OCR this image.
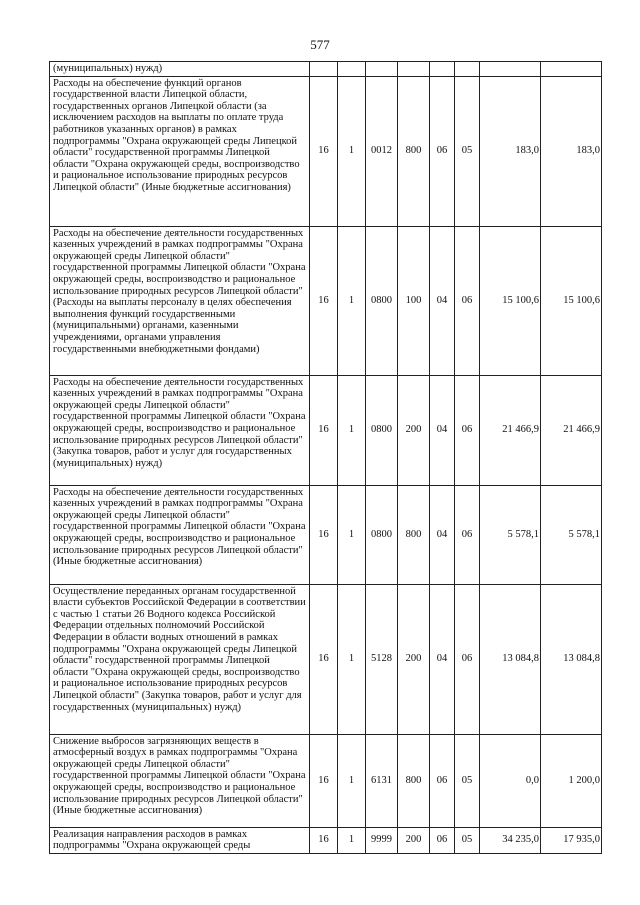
577
(муниципальных) нужд)								
Расходы на обеспечение функций органов государственной власти Липецкой области, государственных органов Липецкой области (за исключением расходов на выплаты по оплате труда работников указанных органов) в рамках подпрограммы "Охрана окружающей среды Липецкой области" государственной программы Липецкой области "Охрана окружающей среды, воспроизводство и рациональное использование природных ресурсов Липецкой области" (Иные бюджетные ассигнования)	16	1	0012	800	06	05	183,0	183,0
Расходы на обеспечение деятельности государственных казенных учреждений в рамках подпрограммы "Охрана окружающей среды Липецкой области" государственной программы Липецкой области "Охрана окружающей среды, воспроизводство и рациональное использование природных ресурсов Липецкой области" (Расходы на выплаты персоналу в целях обеспечения выполнения функций государственными (муниципальными) органами, казенными учреждениями, органами управления государственными внебюджетными фондами)	16	1	0800	100	04	06	15 100,6	15 100,6
Расходы на обеспечение деятельности государственных казенных учреждений в рамках подпрограммы "Охрана окружающей среды Липецкой области" государственной программы Липецкой области "Охрана окружающей среды, воспроизводство и рациональное использование природных ресурсов Липецкой области" (Закупка товаров, работ и услуг для государственных (муниципальных) нужд)	16	1	0800	200	04	06	21 466,9	21 466,9
Расходы на обеспечение деятельности государственных казенных учреждений в рамках подпрограммы "Охрана окружающей среды Липецкой области" государственной программы Липецкой области "Охрана окружающей среды, воспроизводство и рациональное использование природных ресурсов Липецкой области" (Иные бюджетные ассигнования)	16	1	0800	800	04	06	5 578,1	5 578,1
Осуществление переданных органам государственной власти субъектов Российской Федерации в соответствии с частью 1 статьи 26 Водного кодекса Российской Федерации отдельных полномочий Российской Федерации в области водных отношений в рамках подпрограммы "Охрана окружающей среды Липецкой области" государственной программы Липецкой области "Охрана окружающей среды, воспроизводство и рациональное использование природных ресурсов Липецкой области" (Закупка товаров, работ и услуг для государственных (муниципальных) нужд)	16	1	5128	200	04	06	13 084,8	13 084,8
Снижение выбросов загрязняющих веществ в атмосферный воздух в рамках подпрограммы "Охрана окружающей среды Липецкой области" государственной программы Липецкой области "Охрана окружающей среды, воспроизводство и рациональное использование природных ресурсов Липецкой области" (Иные бюджетные ассигнования)	16	1	6131	800	06	05	0,0	1 200,0
Реализация направления расходов в рамках подпрограммы "Охрана окружающей среды	16	1	9999	200	06	05	34 235,0	17 935,0
